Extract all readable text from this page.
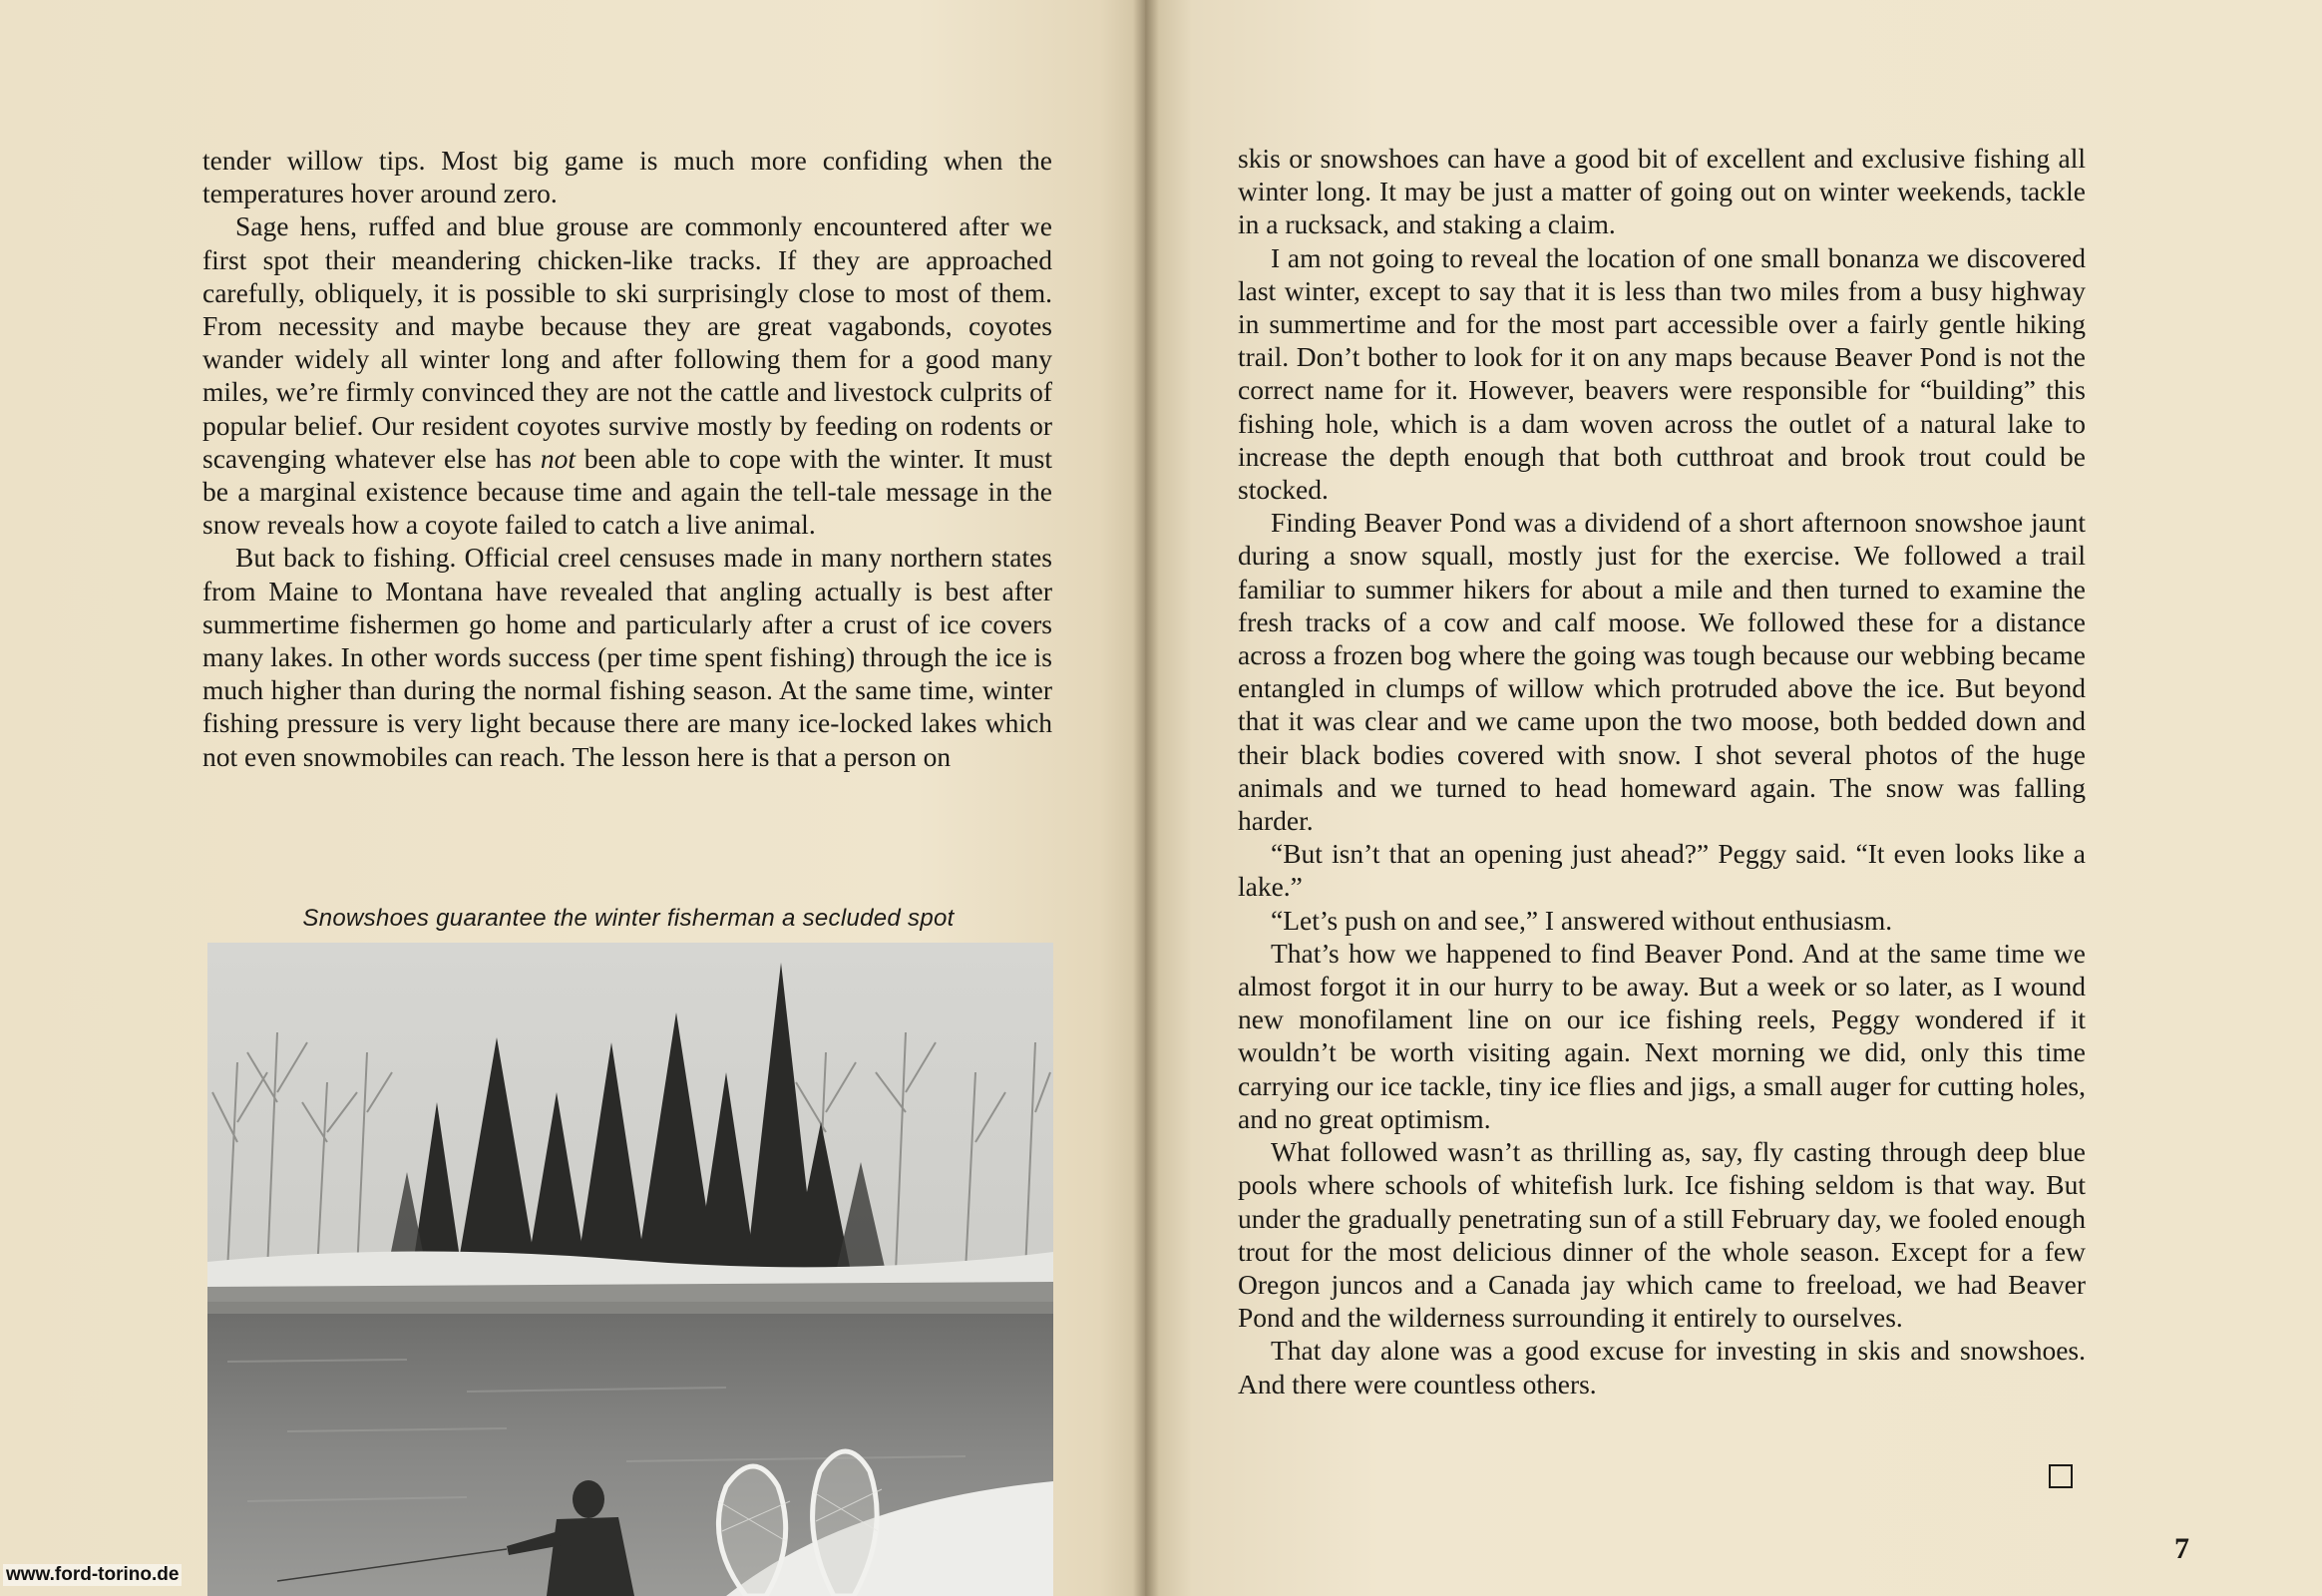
tender willow tips. Most big game is much more confiding when the temperatures hover around zero.

Sage hens, ruffed and blue grouse are commonly encountered after we first spot their meandering chicken-like tracks. If they are approached carefully, obliquely, it is possible to ski surprisingly close to most of them. From necessity and maybe because they are great vagabonds, coyotes wander widely all winter long and after following them for a good many miles, we’re firmly convinced they are not the cattle and livestock culprits of popular belief. Our resident coyotes survive mostly by feeding on rodents or scavenging whatever else has not been able to cope with the winter. It must be a marginal existence because time and again the tell-tale message in the snow reveals how a coyote failed to catch a live animal.

But back to fishing. Official creel censuses made in many northern states from Maine to Montana have revealed that angling actually is best after summertime fishermen go home and particularly after a crust of ice covers many lakes. In other words success (per time spent fishing) through the ice is much higher than during the normal fishing season. At the same time, winter fishing pressure is very light because there are many ice-locked lakes which not even snowmobiles can reach. The lesson here is that a person on

Snowshoes guarantee the winter fisherman a secluded spot
www.ford-torino.de

skis or snowshoes can have a good bit of excellent and exclusive fishing all winter long. It may be just a matter of going out on winter weekends, tackle in a rucksack, and staking a claim.

I am not going to reveal the location of one small bonanza we discovered last winter, except to say that it is less than two miles from a busy highway in summertime and for the most part accessible over a fairly gentle hiking trail. Don’t bother to look for it on any maps because Beaver Pond is not the correct name for it. However, beavers were responsible for “building” this fishing hole, which is a dam woven across the outlet of a natural lake to increase the depth enough that both cutthroat and brook trout could be stocked.

Finding Beaver Pond was a dividend of a short afternoon snowshoe jaunt during a snow squall, mostly just for the exercise. We followed a trail familiar to summer hikers for about a mile and then turned to examine the fresh tracks of a cow and calf moose. We followed these for a distance across a frozen bog where the going was tough because our webbing became entangled in clumps of willow which protruded above the ice. But beyond that it was clear and we came upon the two moose, both bedded down and their black bodies covered with snow. I shot several photos of the huge animals and we turned to head homeward again. The snow was falling harder.

“But isn’t that an opening just ahead?” Peggy said. “It even looks like a lake.”

“Let’s push on and see,” I answered without enthusiasm.

That’s how we happened to find Beaver Pond. And at the same time we almost forgot it in our hurry to be away. But a week or so later, as I wound new monofilament line on our ice fishing reels, Peggy wondered if it wouldn’t be worth visiting again. Next morning we did, only this time carrying our ice tackle, tiny ice flies and jigs, a small auger for cutting holes, and no great optimism.

What followed wasn’t as thrilling as, say, fly casting through deep blue pools where schools of whitefish lurk. Ice fishing seldom is that way. But under the gradually penetrating sun of a still February day, we fooled enough trout for the most delicious dinner of the whole season. Except for a few Oregon juncos and a Canada jay which came to freeload, we had Beaver Pond and the wilderness surrounding it entirely to ourselves.

That day alone was a good excuse for investing in skis and snowshoes. And there were countless others.

7
